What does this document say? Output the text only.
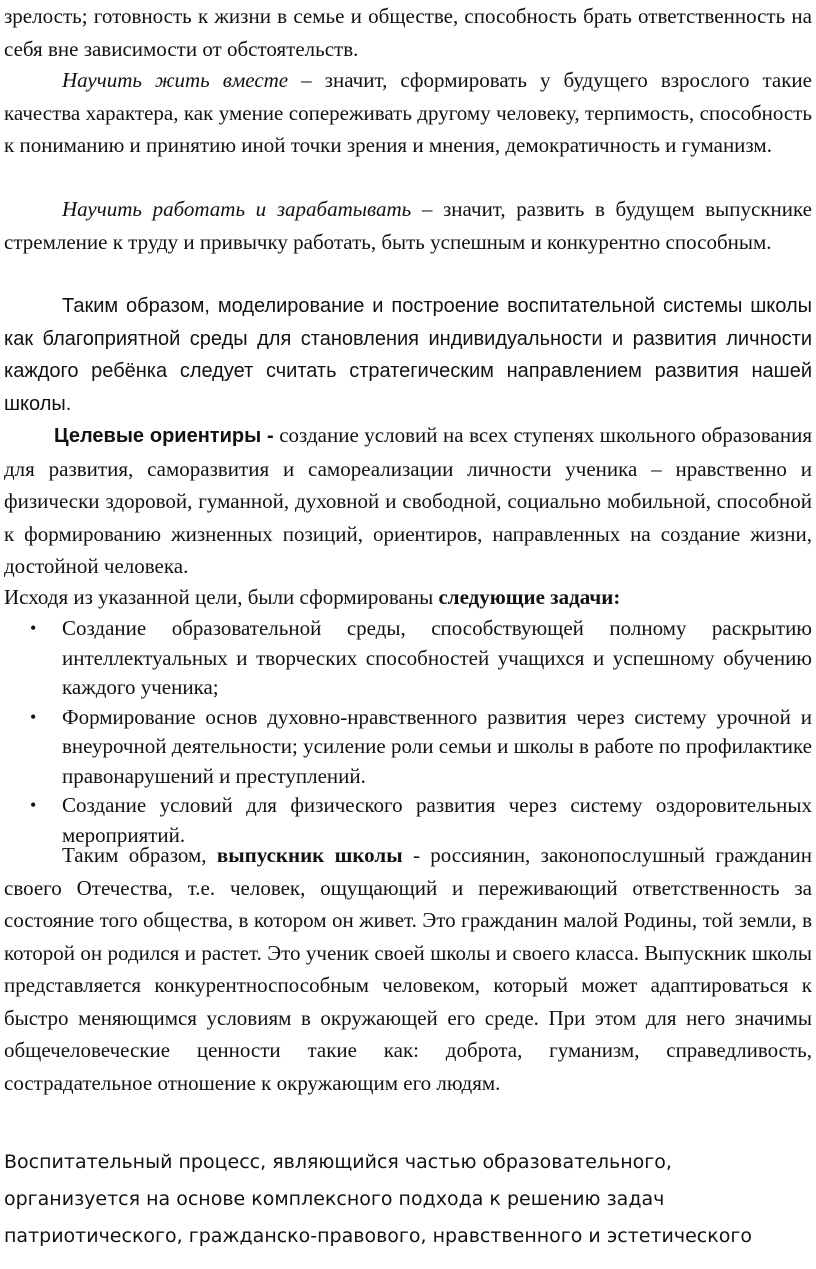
зрелость; готовность к жизни в семье и обществе, способность брать ответственность на себя вне зависимости от обстоятельств.

Научить жить вместе – значит, сформировать у будущего взрослого такие качества характера, как умение сопереживать другому человеку, терпимость, способность к пониманию и принятию иной точки зрения и мнения, демократичность и гуманизм.

Научить работать и зарабатывать – значит, развить в будущем выпускнике стремление к труду и привычку работать, быть успешным и конкурентно способным.

Таким образом, моделирование и построение воспитательной системы школы как благоприятной среды для становления индивидуальности и развития личности каждого ребёнка следует считать стратегическим направлением развития нашей школы.

Целевые ориентиры - создание условий на всех ступенях школьного образования для развития, саморазвития и самореализации личности ученика – нравственно и физически здоровой, гуманной, духовной и свободной, социально мобильной, способной к формированию жизненных позиций, ориентиров, направленных на создание жизни, достойной человека.

Исходя из указанной цели, были сформированы следующие задачи:

• Создание образовательной среды, способствующей полному раскрытию интеллектуальных и творческих способностей учащихся и успешному обучению каждого ученика;
• Формирование основ духовно-нравственного развития через систему урочной и внеурочной деятельности; усиление роли семьи и школы в работе по профилактике правонарушений и преступлений.
• Создание условий для физического развития через систему оздоровительных мероприятий.

Таким образом, выпускник школы - россиянин, законопослушный гражданин своего Отечества, т.е. человек, ощущающий и переживающий ответственность за состояние того общества, в котором он живет. Это гражданин малой Родины, той земли, в которой он родился и растет. Это ученик своей школы и своего класса. Выпускник школы представляется конкурентноспособным человеком, который может адаптироваться к быстро меняющимся условиям в окружающей его среде. При этом для него значимы общечеловеческие ценности такие как: доброта, гуманизм, справедливость, сострадательное отношение к окружающим его людям.

Воспитательный процесс, являющийся частью образовательного, организуется на основе комплексного подхода к решению задач патриотического, гражданско-правового, нравственного и эстетического
